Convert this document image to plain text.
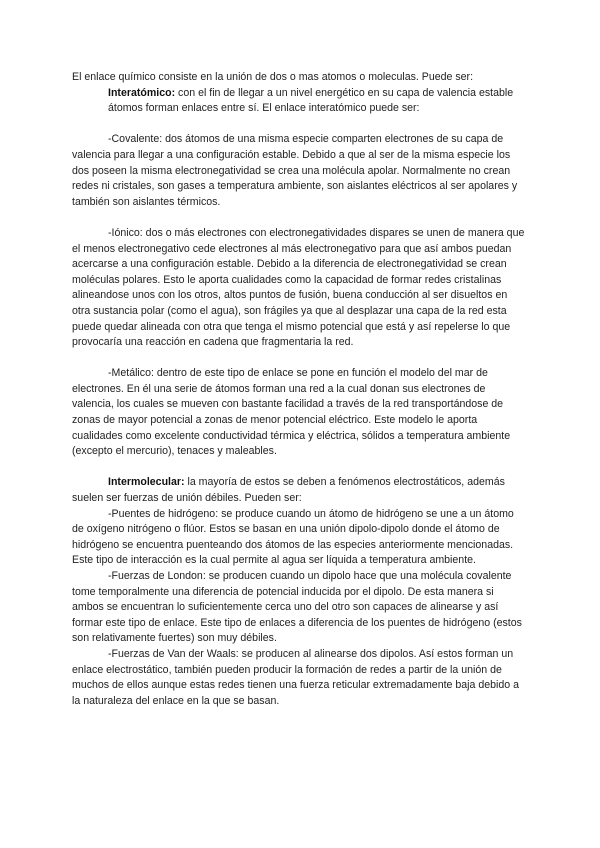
El enlace químico consiste en la unión de dos o mas atomos o moleculas. Puede ser:

Interatómico: con el fin de llegar a un nivel energético en su capa de valencia estable átomos forman enlaces entre sí. El enlace interatómico puede ser:

-Covalente: dos átomos de una misma especie comparten electrones de su capa de valencia para llegar a una configuración estable. Debido a que al ser de la misma especie los dos poseen la misma electronegatividad se crea una molécula apolar. Normalmente no crean redes ni cristales, son gases a temperatura ambiente, son aislantes eléctricos al ser apolares y también son aislantes térmicos.

-Iónico: dos o más electrones con electronegatividades dispares se unen de manera que el menos electronegativo cede electrones al más electronegativo para que así ambos puedan acercarse a una configuración estable. Debido a la diferencia de electronegatividad se crean moléculas polares. Esto le aporta cualidades como la capacidad de formar redes cristalinas alineandose unos con los otros, altos puntos de fusión, buena conducción al ser disueltos en otra sustancia polar (como el agua), son frágiles ya que al desplazar una capa de la red esta puede quedar alineada con otra que tenga el mismo potencial que está y así repelerse lo que provocaría una reacción en cadena que fragmentaria la red.

-Metálico: dentro de este tipo de enlace se pone en función el modelo del mar de electrones. En él una serie de átomos forman una red a la cual donan sus electrones de valencia, los cuales se mueven con bastante facilidad a través de la red transportándose de zonas de mayor potencial a zonas de menor potencial eléctrico. Este modelo le aporta cualidades como excelente conductividad térmica y eléctrica, sólidos a temperatura ambiente (excepto el mercurio), tenaces y maleables.

Intermolecular: la mayoría de estos se deben a fenómenos electrostáticos, además suelen ser fuerzas de unión débiles. Pueden ser:

-Puentes de hidrógeno: se produce cuando un átomo de hidrógeno se une a un átomo de oxígeno nitrógeno o flúor. Estos se basan en una unión dipolo-dipolo donde el átomo de hidrógeno se encuentra puenteando dos átomos de las especies anteriormente mencionadas. Este tipo de interacción es la cual permite al agua ser líquida a temperatura ambiente.

-Fuerzas de London: se producen cuando un dipolo hace que una molécula covalente tome temporalmente una diferencia de potencial inducida por el dipolo. De esta manera si ambos se encuentran lo suficientemente cerca uno del otro son capaces de alinearse y así formar este tipo de enlace. Este tipo de enlaces a diferencia de los puentes de hidrógeno (estos son relativamente fuertes) son muy débiles.

-Fuerzas de Van der Waals: se producen al alinearse dos dipolos. Así estos forman un enlace electrostático, también pueden producir la formación de redes a partir de la unión de muchos de ellos aunque estas redes tienen una fuerza reticular extremadamente baja debido a la naturaleza del enlace en la que se basan.
